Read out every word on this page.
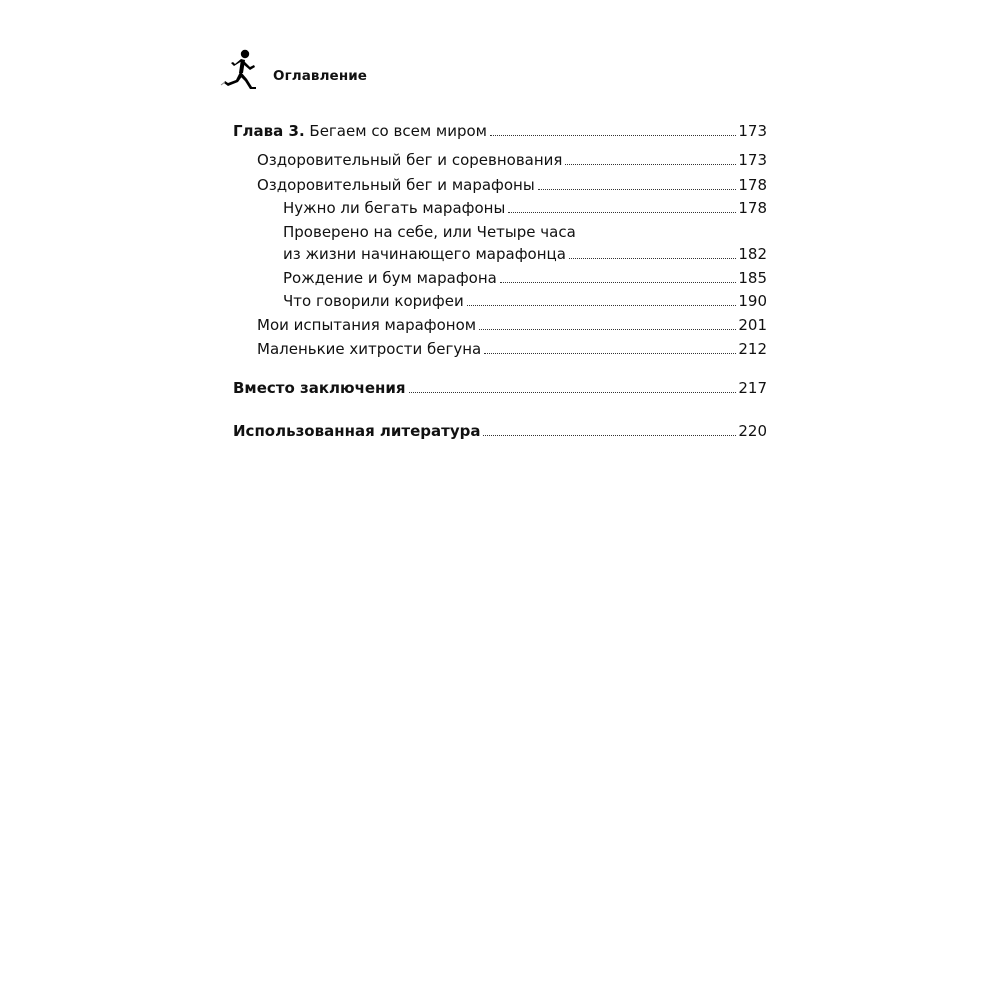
Оглавление
Глава 3. Бегаем со всем миром	173
Оздоровительный бег и соревнования	173
Оздоровительный бег и марафоны	178
Нужно ли бегать марафоны	178
Проверено на себе, или Четыре часа
из жизни начинающего марафонца	182
Рождение и бум марафона	185
Что говорили корифеи	190
Мои испытания марафоном	201
Маленькие хитрости бегуна	212
Вместо заключения	217
Использованная литература	220
